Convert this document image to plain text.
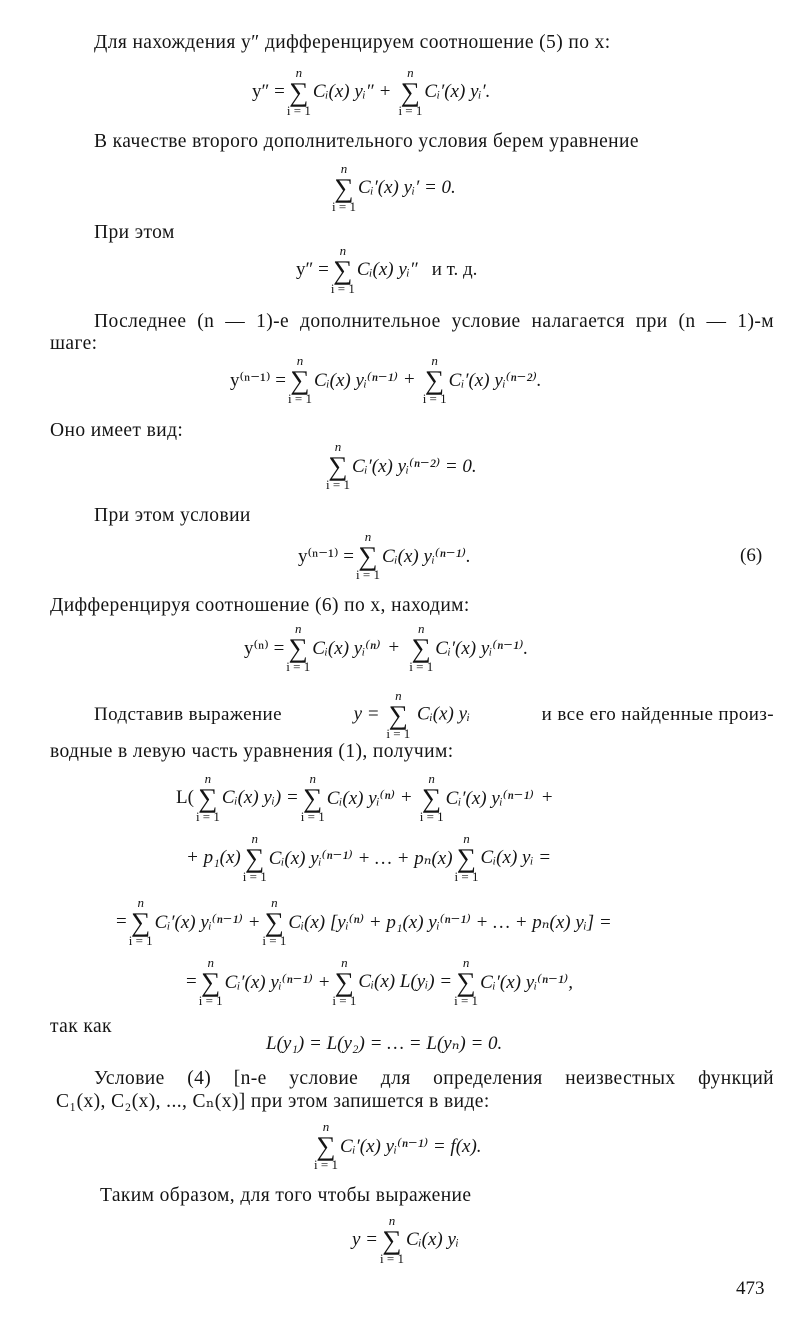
Для нахождения y″ дифференцируем соотношение (5) по x:
y″ =
n
∑
i = 1
Cᵢ(x) yᵢ″ +
n
∑
i = 1
Cᵢ′(x) yᵢ′.
В качестве второго дополнительного условия берем уравнение
n
∑
i = 1
Cᵢ′(x) yᵢ′ = 0.
При этом
y″ =
n
∑
i = 1
Cᵢ(x) yᵢ″ и т. д.
Последнее (n — 1)-е дополнительное условие налагается при (n — 1)-м
шаге:
y⁽ⁿ⁻¹⁾ =
n
∑
i = 1
Cᵢ(x) yᵢ⁽ⁿ⁻¹⁾ +
n
∑
i = 1
Cᵢ′(x) yᵢ⁽ⁿ⁻²⁾.
Оно имеет вид:
n
∑
i = 1
Cᵢ′(x) yᵢ⁽ⁿ⁻²⁾ = 0.
При этом условии
y⁽ⁿ⁻¹⁾ =
n
∑
i = 1
Cᵢ(x) yᵢ⁽ⁿ⁻¹⁾.	(6)
Дифференцируя соотношение (6) по x, находим:
y⁽ⁿ⁾ =
n
∑
i = 1
Cᵢ(x) yᵢ⁽ⁿ⁾ +
n
∑
i = 1
Cᵢ′(x) yᵢ⁽ⁿ⁻¹⁾.
Подставив выражение	y =
n
∑
i = 1
Cᵢ(x) yᵢ	и все его найденные произ-
водные в левую часть уравнения (1), получим:
L(
n
∑
i = 1
Cᵢ(x) yᵢ) =
n
∑
i = 1
Cᵢ(x) yᵢ⁽ⁿ⁾ +
n
∑
i = 1
Cᵢ′(x) yᵢ⁽ⁿ⁻¹⁾ +
+ p₁(x)
n
∑
i = 1
Cᵢ(x) yᵢ⁽ⁿ⁻¹⁾ + … + pₙ(x)
n
∑
i = 1
Cᵢ(x) yᵢ =
=
n
∑
i = 1
Cᵢ′(x) yᵢ⁽ⁿ⁻¹⁾ +
n
∑
i = 1
Cᵢ(x) [yᵢ⁽ⁿ⁾ + p₁(x) yᵢ⁽ⁿ⁻¹⁾ + … + pₙ(x) yᵢ] =
=
n
∑
i = 1
Cᵢ′(x) yᵢ⁽ⁿ⁻¹⁾ +
n
∑
i = 1
Cᵢ(x) L(yᵢ) =
n
∑
i = 1
Cᵢ′(x) yᵢ⁽ⁿ⁻¹⁾,
так как
L(y₁) = L(y₂) = … = L(yₙ) = 0.
Условие (4) [n-е условие для определения неизвестных функций
C₁(x), C₂(x), ..., Cₙ(x)] при этом запишется в виде:
n
∑
i = 1
Cᵢ′(x) yᵢ⁽ⁿ⁻¹⁾ = f(x).
Таким образом, для того чтобы выражение
y =
n
∑
i = 1
Cᵢ(x) yᵢ
473
